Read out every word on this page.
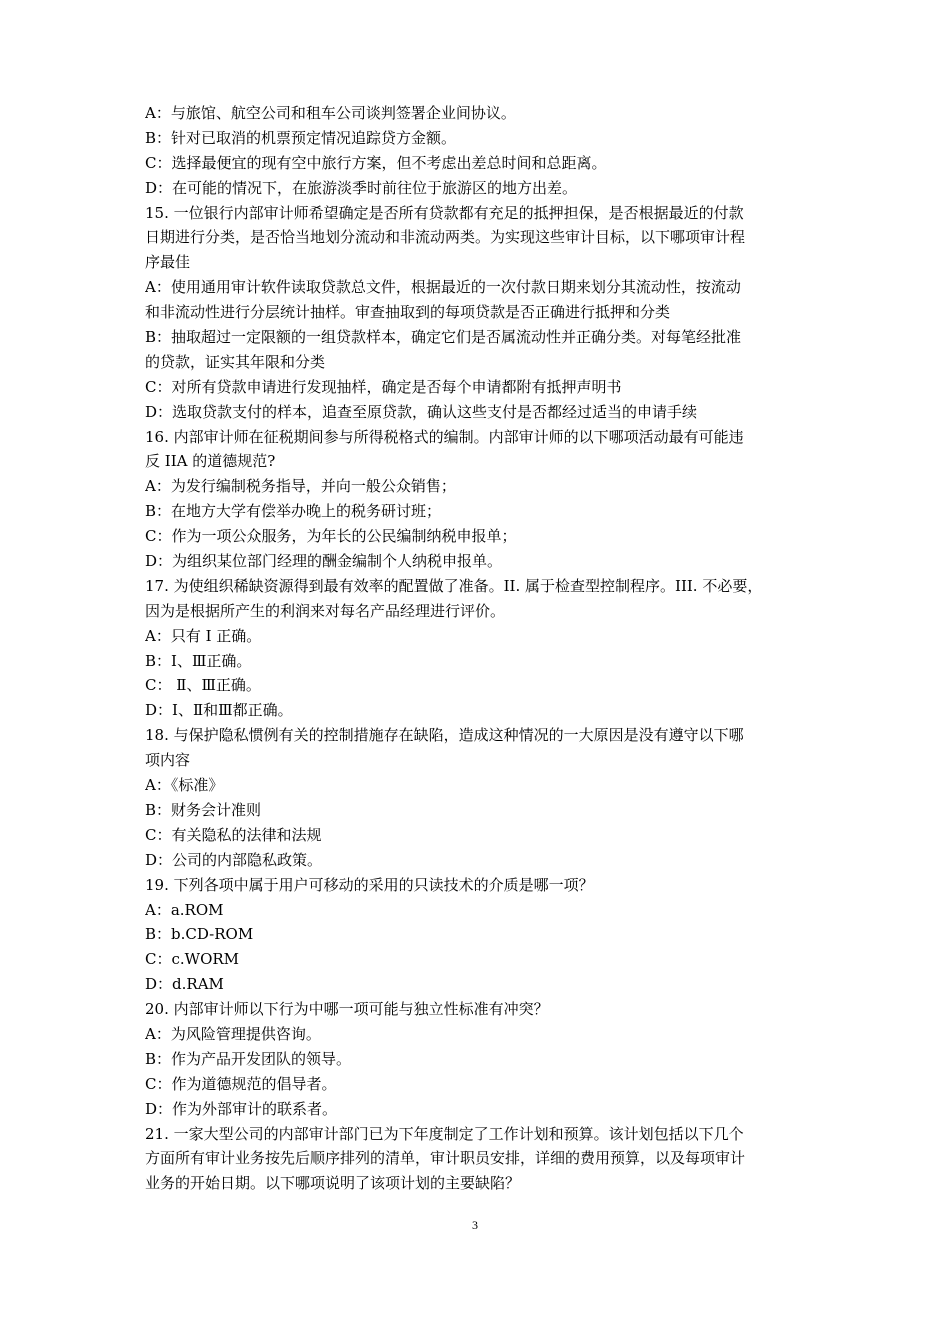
A：与旅馆、航空公司和租车公司谈判签署企业间协议。
B：针对已取消的机票预定情况追踪贷方金额。
C：选择最便宜的现有空中旅行方案，但不考虑出差总时间和总距离。
D：在可能的情况下，在旅游淡季时前往位于旅游区的地方出差。
15. 一位银行内部审计师希望确定是否所有贷款都有充足的抵押担保，是否根据最近的付款
日期进行分类，是否恰当地划分流动和非流动两类。为实现这些审计目标，以下哪项审计程
序最佳
A：使用通用审计软件读取贷款总文件，根据最近的一次付款日期来划分其流动性，按流动
和非流动性进行分层统计抽样。审查抽取到的每项贷款是否正确进行抵押和分类
B：抽取超过一定限额的一组贷款样本，确定它们是否属流动性并正确分类。对每笔经批准
的贷款，证实其年限和分类
C：对所有贷款申请进行发现抽样，确定是否每个申请都附有抵押声明书
D：选取贷款支付的样本，追查至原贷款，确认这些支付是否都经过适当的申请手续
16. 内部审计师在征税期间参与所得税格式的编制。内部审计师的以下哪项活动最有可能违
反 IIA 的道德规范?
A：为发行编制税务指导，并向一般公众销售；
B：在地方大学有偿举办晚上的税务研讨班；
C：作为一项公众服务，为年长的公民编制纳税申报单；
D：为组织某位部门经理的酬金编制个人纳税申报单。
17. 为使组织稀缺资源得到最有效率的配置做了准备。II. 属于检查型控制程序。III. 不必要，
因为是根据所产生的利润来对每名产品经理进行评价。
A：只有 I 正确。
B：I、Ⅲ正确。
C： Ⅱ、Ⅲ正确。
D：I、Ⅱ和Ⅲ都正确。
18. 与保护隐私惯例有关的控制措施存在缺陷，造成这种情况的一大原因是没有遵守以下哪
项内容
A：《标准》
B：财务会计准则
C：有关隐私的法律和法规
D：公司的内部隐私政策。
19. 下列各项中属于用户可移动的采用的只读技术的介质是哪一项？
A：a.ROM
B：b.CD-ROM
C：c.WORM
D：d.RAM
20. 内部审计师以下行为中哪一项可能与独立性标准有冲突？
A：为风险管理提供咨询。
B：作为产品开发团队的领导。
C：作为道德规范的倡导者。
D：作为外部审计的联系者。
21. 一家大型公司的内部审计部门已为下年度制定了工作计划和预算。该计划包括以下几个
方面所有审计业务按先后顺序排列的清单，审计职员安排，详细的费用预算，以及每项审计
业务的开始日期。以下哪项说明了该项计划的主要缺陷？
3
